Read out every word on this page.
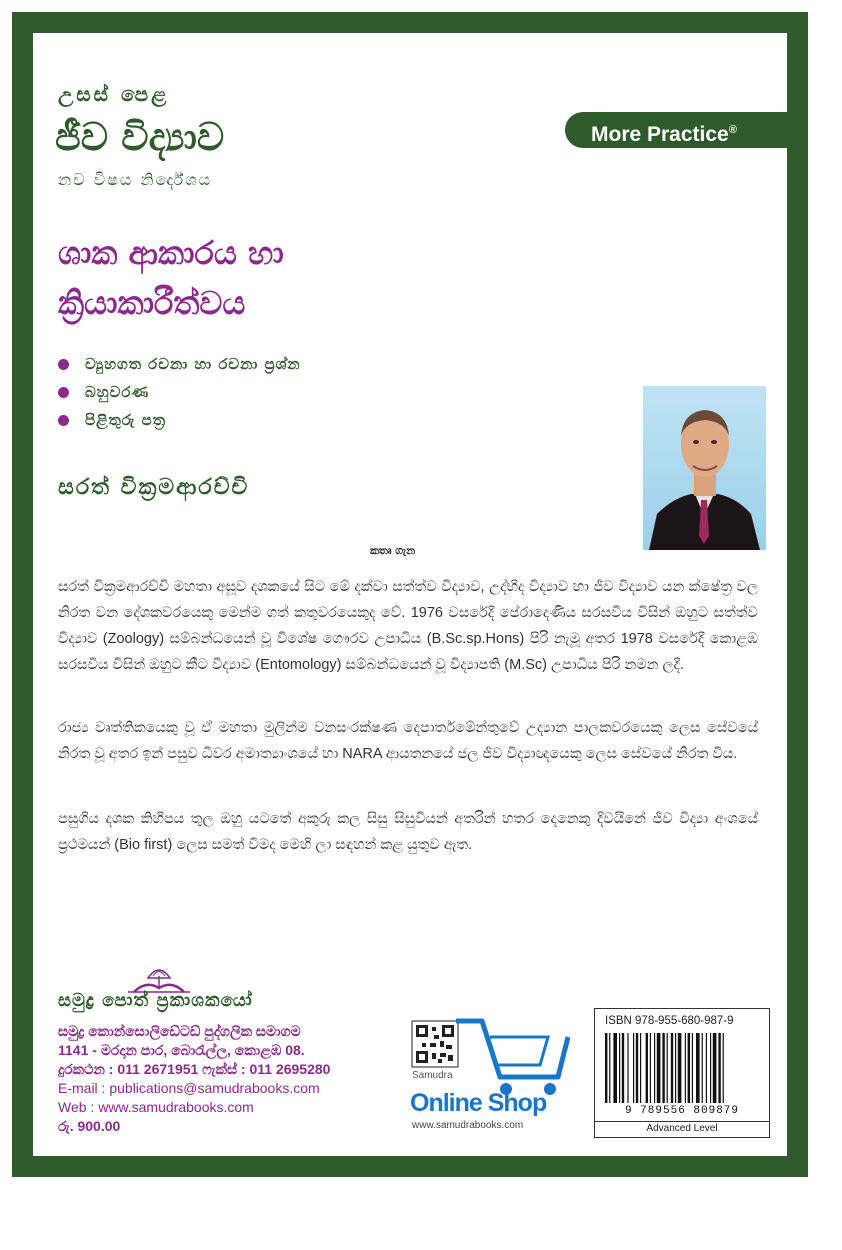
උසස් පෙළ
ජීව විද්‍යාව
නව විෂය නිර්දේශය
More Practice®
ශාක ආකාරය හා
ක්‍රියාකාරීත්වය
ව්‍යුහගත රචනා හා රචනා ප්‍රශ්න
බහුවරණ
පිළිතුරු පත්‍ර
සරත් වික්‍රමආරච්චි
කතෘ ගැන

සරත් වික්‍රමආරච්චි මහතා අසූව දශකයේ සිට මේ දක්වා සත්ත්ව විද්‍යාව, උද්භිද විද්‍යාව හා ජීව විද්‍යාව යන ක්ෂේත්‍ර වල නිරත වන දේශකවරයෙකු මෙන්ම ගත් කතුවරයෙකුද වේ. 1976 වසරේදී පේරාදෙණිය සරසවිය විසින් ඔහුට සත්ත්ව විද්‍යාව (Zoology) සම්බන්ධයෙන් වූ විශේෂ ගෞරව උපාධිය (B.Sc.sp.Hons) පිරි නැමූ අතර 1978 වසරේදී කොළඹ සරසවිය විසින් ඔහුට කීට විද්‍යාව (Entomology) සම්බන්ධයෙන් වූ විද්‍යාපති (M.Sc) උපාධිය පිරි නමන ලදී.

රාජ්‍ය වෘත්තිකයෙකු වූ ඒ මහතා මුලින්ම වනසංරක්ෂණ දෙපාර්තමේන්තුවේ උද්‍යාන පාලකවරයෙකු ලෙස සේවයේ නිරත වූ අතර ඉන් පසුව ධීවර අමාත්‍යාංශයේ හා NARA ආයතනයේ ජල ජීව විද්‍යාඥයෙකු ලෙස සේවයේ නිරත විය.

පසුගිය දශක කිහිපය තුල ඔහු යටතේ අකුරු කල සිසු සිසුවියන් අතරින් හතර දෙනෙකු දිවයිනේ ජීව විද්‍යා අංශයේ ප්‍රථමයන් (Bio first) ලෙස සමත් වීමද මෙහි ලා සඳහන් කළ යුතුව ඇත.

සමුද්‍ර පොත් ප්‍රකාශකයෝ
සමුද්‍ර කොන්සොලිඩේටඩ් පුද්ගලික සමාගම
1141 - මරදාන පාර, බොරැල්ල, කොළඹ 08.
දුරකථන : 011 2671951 ෆැක්ස් : 011 2695280
E-mail : publications@samudrabooks.com
Web : www.samudrabooks.com
රු. 900.00
Samudra
Online Shop
www.samudrabooks.com
ISBN 978-955-680-987-9
9 789556 809879
Advanced Level
